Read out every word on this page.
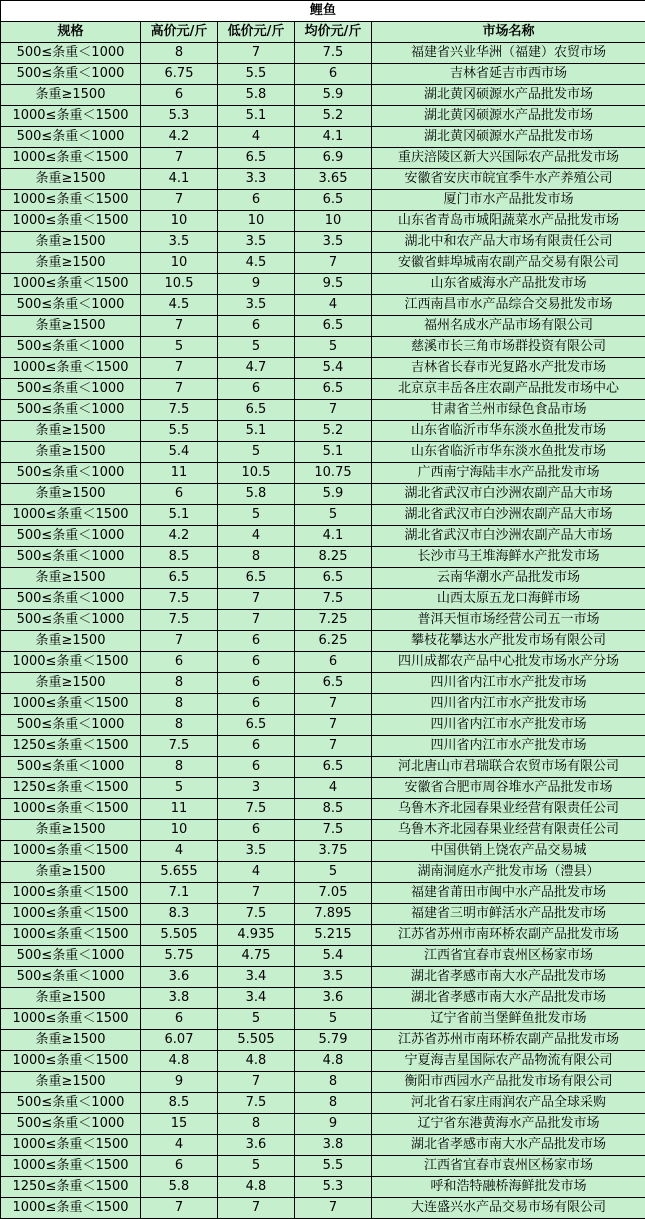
鲤鱼				
规格	高价元/斤	低价元/斤	均价元/斤	市场名称
500≤条重＜1000	8	7	7.5	福建省兴业华洲（福建）农贸市场
500≤条重＜1000	6.75	5.5	6	吉林省延吉市西市场
条重≥1500	6	5.8	5.9	湖北黄冈硕源水产品批发市场
1000≤条重＜1500	5.3	5.1	5.2	湖北黄冈硕源水产品批发市场
500≤条重＜1000	4.2	4	4.1	湖北黄冈硕源水产品批发市场
1000≤条重＜1500	7	6.5	6.9	重庆涪陵区新大兴国际农产品批发市场
条重≥1500	4.1	3.3	3.65	安徽省安庆市皖宜季牛水产养殖公司
1000≤条重＜1500	7	6	6.5	厦门市水产品批发市场
1000≤条重＜1500	10	10	10	山东省青岛市城阳蔬菜水产品批发市场
条重≥1500	3.5	3.5	3.5	湖北中和农产品大市场有限责任公司
条重≥1500	10	4.5	7	安徽省蚌埠城南农副产品交易有限公司
1000≤条重＜1500	10.5	9	9.5	山东省威海水产品批发市场
500≤条重＜1000	4.5	3.5	4	江西南昌市水产品综合交易批发市场
条重≥1500	7	6	6.5	福州名成水产品市场有限公司
500≤条重＜1000	5	5	5	慈溪市长三角市场群投资有限公司
1000≤条重＜1500	7	4.7	5.4	吉林省长春市光复路水产批发市场
500≤条重＜1000	7	6	6.5	北京京丰岳各庄农副产品批发市场中心
500≤条重＜1000	7.5	6.5	7	甘肃省兰州市绿色食品市场
条重≥1500	5.5	5.1	5.2	山东省临沂市华东淡水鱼批发市场
条重≥1500	5.4	5	5.1	山东省临沂市华东淡水鱼批发市场
500≤条重＜1000	11	10.5	10.75	广西南宁海陆丰水产品批发市场
条重≥1500	6	5.8	5.9	湖北省武汉市白沙洲农副产品大市场
1000≤条重＜1500	5.1	5	5	湖北省武汉市白沙洲农副产品大市场
500≤条重＜1000	4.2	4	4.1	湖北省武汉市白沙洲农副产品大市场
500≤条重＜1000	8.5	8	8.25	长沙市马王堆海鲜水产批发市场
条重≥1500	6.5	6.5	6.5	云南华潮水产品批发市场
500≤条重＜1000	7.5	7	7.5	山西太原五龙口海鲜市场
500≤条重＜1000	7.5	7	7.25	普洱天恒市场经营公司五一市场
条重≥1500	7	6	6.25	攀枝花攀达水产批发市场有限公司
1000≤条重＜1500	6	6	6	四川成都农产品中心批发市场水产分场
条重≥1500	8	6	6.5	四川省内江市水产批发市场
1000≤条重＜1500	8	6	7	四川省内江市水产批发市场
500≤条重＜1000	8	6.5	7	四川省内江市水产批发市场
1250≤条重＜1500	7.5	6	7	四川省内江市水产批发市场
500≤条重＜1000	8	6	6.5	河北唐山市君瑞联合农贸市场有限公司
1250≤条重＜1500	5	3	4	安徽省合肥市周谷堆水产品批发市场
1000≤条重＜1500	11	7.5	8.5	乌鲁木齐北园春果业经营有限责任公司
条重≥1500	10	6	7.5	乌鲁木齐北园春果业经营有限责任公司
1000≤条重＜1500	4	3.5	3.75	中国供销上饶农产品交易城
条重≥1500	5.655	4	5	湖南洞庭水产批发市场（澧县）
1000≤条重＜1500	7.1	7	7.05	福建省莆田市闽中水产品批发市场
1000≤条重＜1500	8.3	7.5	7.895	福建省三明市鲜活水产品批发市场
1000≤条重＜1500	5.505	4.935	5.215	江苏省苏州市南环桥农副产品批发市场
500≤条重＜1000	5.75	4.75	5.4	江西省宜春市袁州区杨家市场
500≤条重＜1000	3.6	3.4	3.5	湖北省孝感市南大水产品批发市场
条重≥1500	3.8	3.4	3.6	湖北省孝感市南大水产品批发市场
1000≤条重＜1500	6	5	5	辽宁省前当堡鲜鱼批发市场
条重≥1500	6.07	5.505	5.79	江苏省苏州市南环桥农副产品批发市场
1000≤条重＜1500	4.8	4.8	4.8	宁夏海吉星国际农产品物流有限公司
条重≥1500	9	7	8	衡阳市西园水产品批发市场有限公司
500≤条重＜1000	8.5	7.5	8	河北省石家庄雨润农产品全球采购
500≤条重＜1000	15	8	9	辽宁省东港黄海水产品批发市场
1000≤条重＜1500	4	3.6	3.8	湖北省孝感市南大水产品批发市场
1000≤条重＜1500	6	5	5.5	江西省宜春市袁州区杨家市场
1250≤条重＜1500	5.8	4.8	5.3	呼和浩特融桥海鲜批发市场
1000≤条重＜1500	7	7	7	大连盛兴水产品交易市场有限公司
